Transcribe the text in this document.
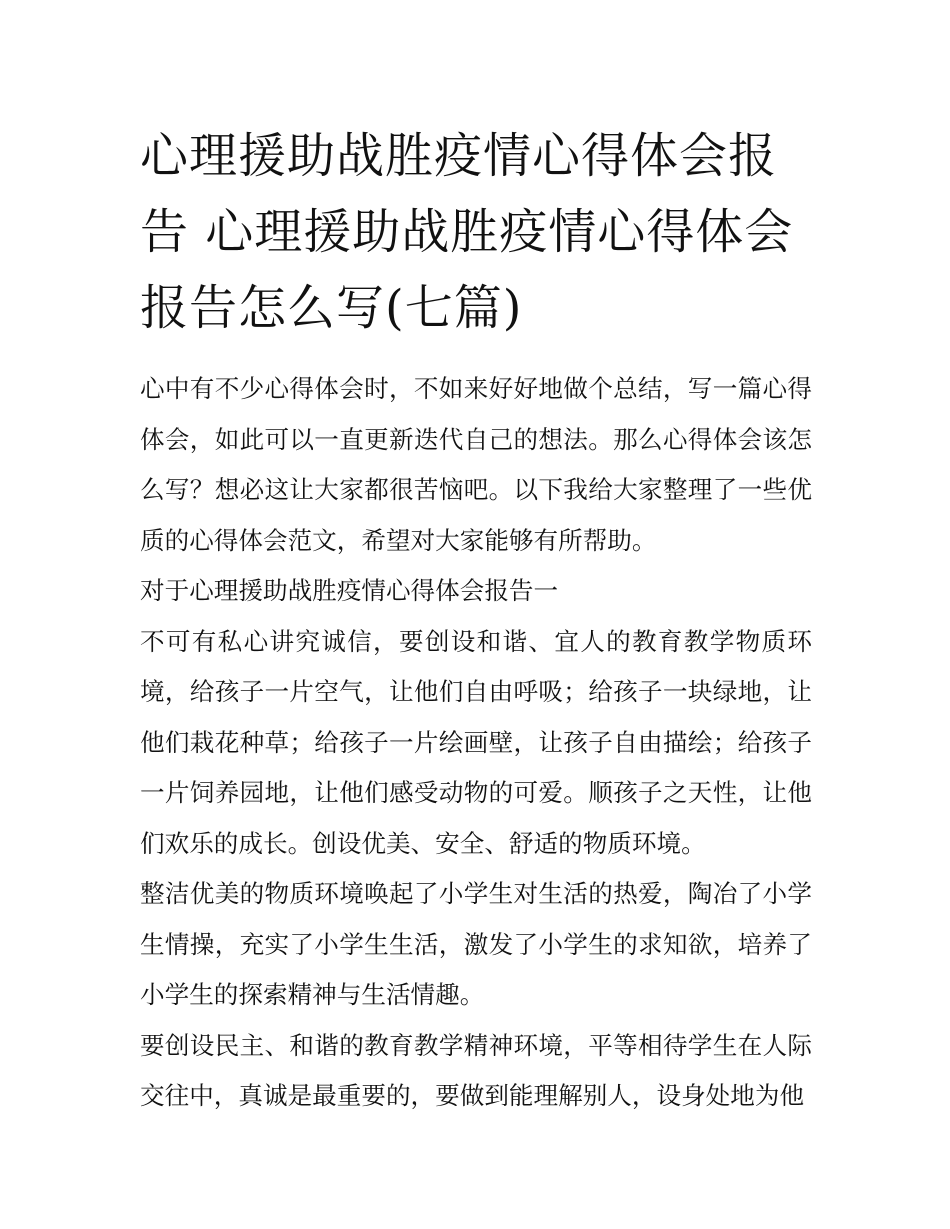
心理援助战胜疫情心得体会报告 心理援助战胜疫情心得体会报告怎么写(七篇)

心中有不少心得体会时，不如来好好地做个总结，写一篇心得体会，如此可以一直更新迭代自己的想法。那么心得体会该怎么写？想必这让大家都很苦恼吧。以下我给大家整理了一些优质的心得体会范文，希望对大家能够有所帮助。

对于心理援助战胜疫情心得体会报告一

不可有私心讲究诚信，要创设和谐、宜人的教育教学物质环境，给孩子一片空气，让他们自由呼吸；给孩子一块绿地，让他们栽花种草；给孩子一片绘画壁，让孩子自由描绘；给孩子一片饲养园地，让他们感受动物的可爱。顺孩子之天性，让他们欢乐的成长。创设优美、安全、舒适的物质环境。

整洁优美的物质环境唤起了小学生对生活的热爱，陶冶了小学生情操，充实了小学生生活，激发了小学生的求知欲，培养了小学生的探索精神与生活情趣。

要创设民主、和谐的教育教学精神环境，平等相待学生在人际交往中，真诚是最重要的，要做到能理解别人，设身处地为他
